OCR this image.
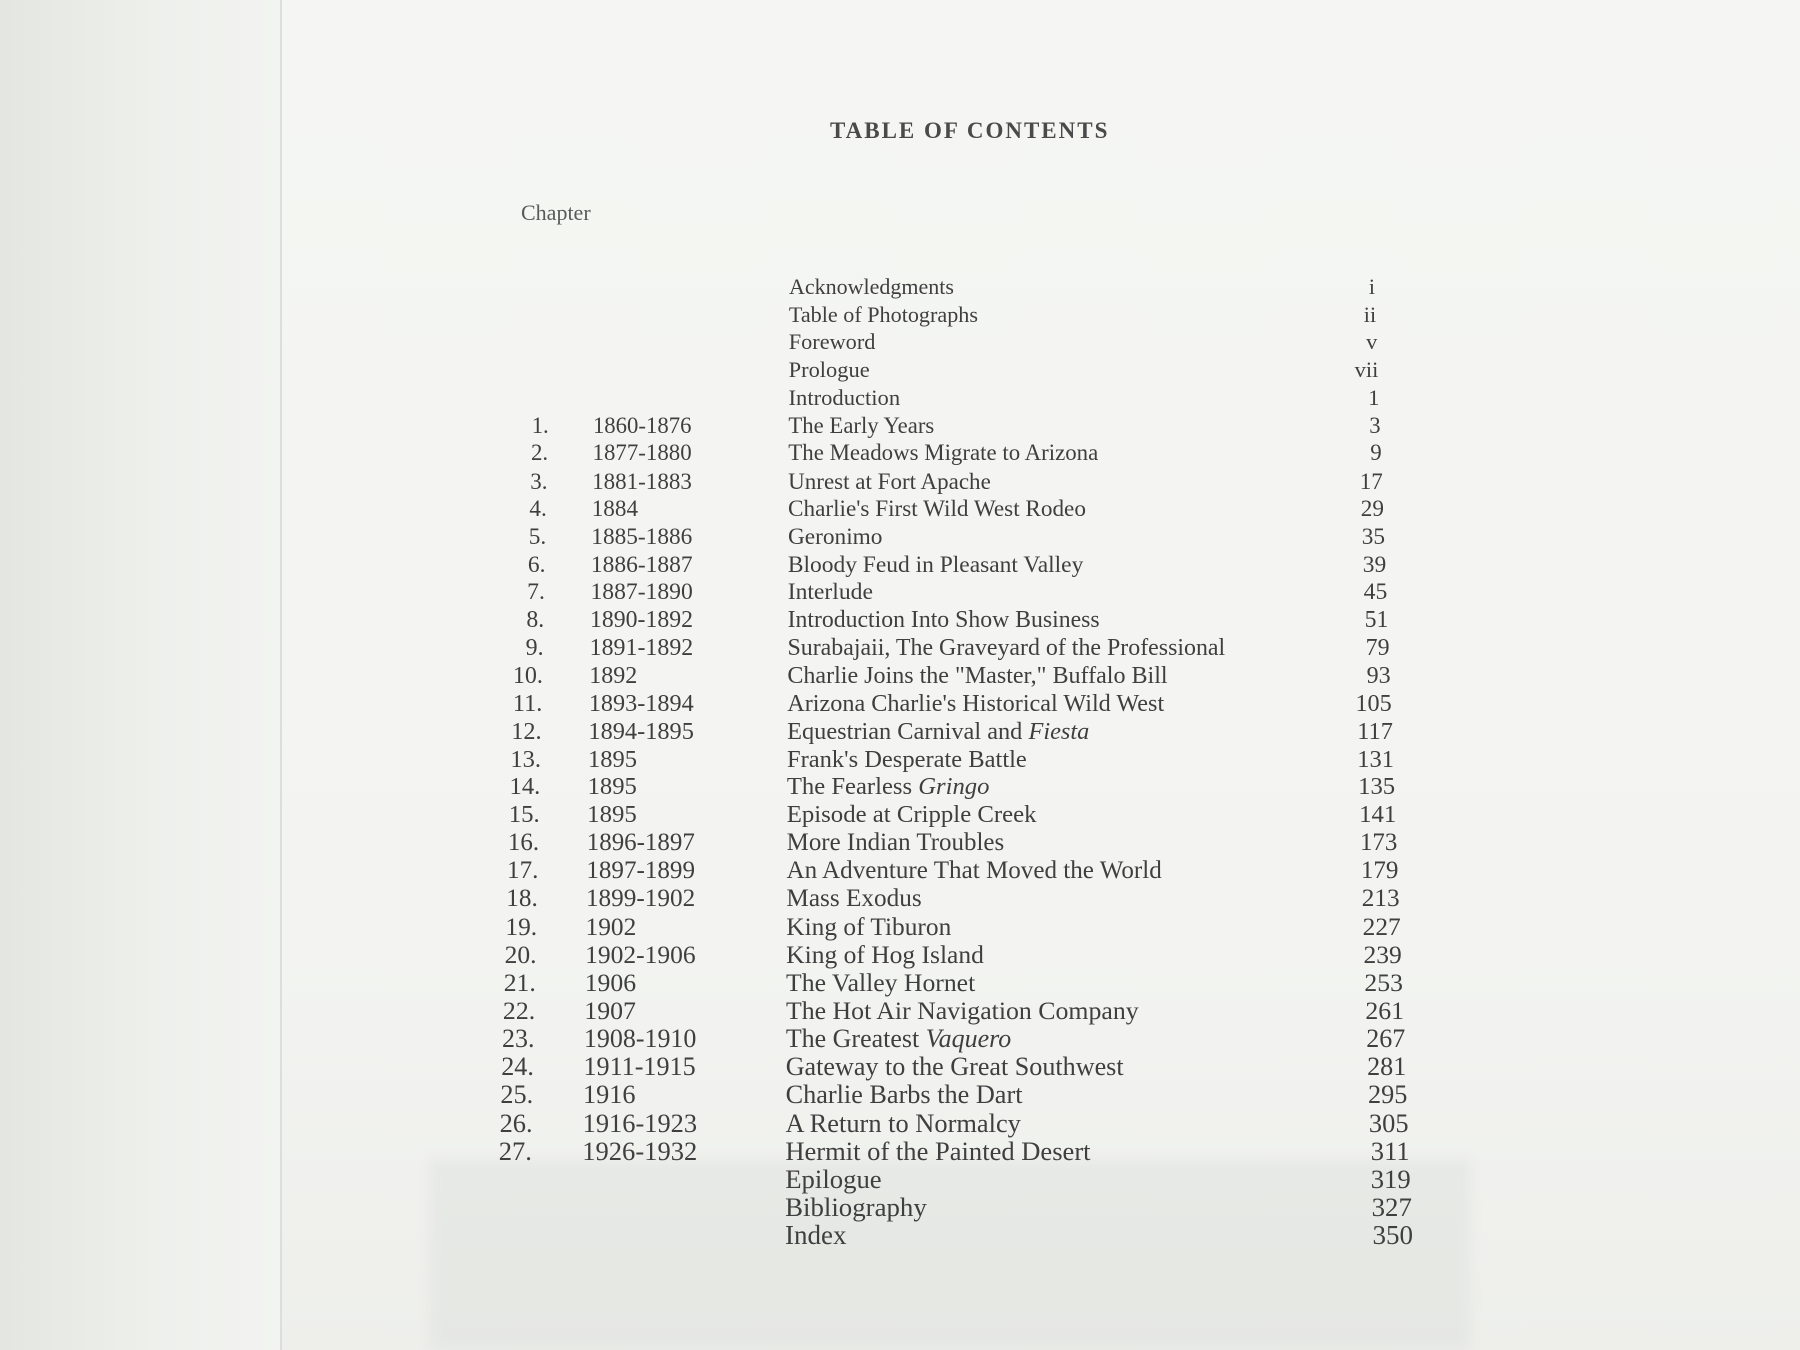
TABLE OF CONTENTS
Chapter
Acknowledgments	i
Table of Photographs	ii
Foreword	v
Prologue	vii
Introduction	1
1. 1860-1876	The Early Years	3
2. 1877-1880	The Meadows Migrate to Arizona	9
3. 1881-1883	Unrest at Fort Apache	17
4. 1884	Charlie's First Wild West Rodeo	29
5. 1885-1886	Geronimo	35
6. 1886-1887	Bloody Feud in Pleasant Valley	39
7. 1887-1890	Interlude	45
8. 1890-1892	Introduction Into Show Business	51
9. 1891-1892	Surabajaii, The Graveyard of the Professional	79
10. 1892	Charlie Joins the "Master," Buffalo Bill	93
11. 1893-1894	Arizona Charlie's Historical Wild West	105
12. 1894-1895	Equestrian Carnival and Fiesta	117
13. 1895	Frank's Desperate Battle	131
14. 1895	The Fearless Gringo	135
15. 1895	Episode at Cripple Creek	141
16. 1896-1897	More Indian Troubles	173
17. 1897-1899	An Adventure That Moved the World	179
18. 1899-1902	Mass Exodus	213
19. 1902	King of Tiburon	227
20. 1902-1906	King of Hog Island	239
21. 1906	The Valley Hornet	253
22. 1907	The Hot Air Navigation Company	261
23. 1908-1910	The Greatest Vaquero	267
24. 1911-1915	Gateway to the Great Southwest	281
25. 1916	Charlie Barbs the Dart	295
26. 1916-1923	A Return to Normalcy	305
27. 1926-1932	Hermit of the Painted Desert	311
Epilogue	319
Bibliography	327
Index	350
